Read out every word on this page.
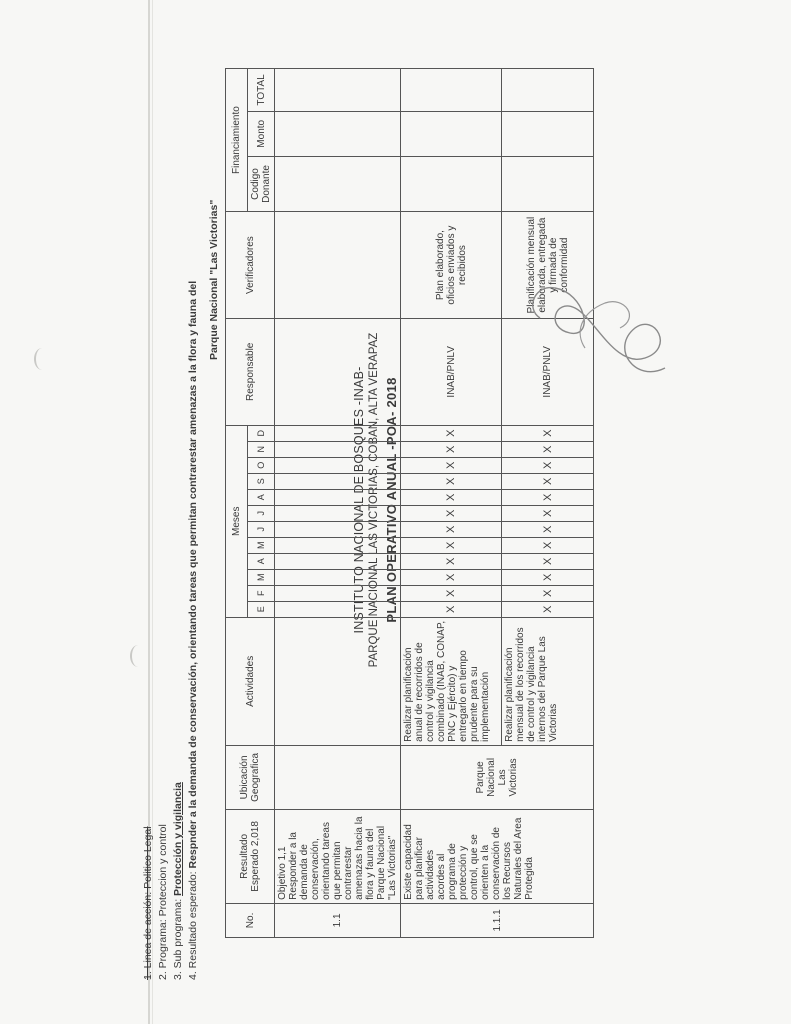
INSTITUTO NACIONAL DE BOSQUES -INAB- PARQUE NACIONAL LAS VICTORIAS, COBAN, ALTA VERAPAZ PLAN OPERATIVO ANUAL -POA- 2018
1. Linea de acción: Politico Legal 2. Programa: Proteccion y control 3. Sub programa: Protección y vigilancia
4. Resultado esperado: Respnder a la demanda de conservación, orientando tareas que permitan contrarestar amenazas a la flora y fauna del
Parque Nacional "Las Victorias"
No.	Resultado Esperado 2,018	Ubicación Geografica	Actividades	Meses												Responsable	Verificadores	Financiamiento		
				E	F	M	A	M	J	J	A	S	O	N	D			Codigo Donante	Monto	TOTAL
1.1	Objetivo 1,1 Responder a la demanda de conservación, orientando tareas que permitan contrarestar amenazas hacia la flora y fauna del Parque Nacional "Las Victorias"																			
1.1.1	Existe capacidad para planificar actividades acordes al programa de protección y control, que se orienten a la conservación de los Recursos Naturales del Area Protegida	Parque Nacional Las Victorias	Realizar planificación anual de recorridos de control y vigilancia combinado (INAB, CONAP, PNC y Ejército) y entregarlo en tiempo prudente para su implementación	X	X	X	X	X	X	X	X	X	X	X	X	INAB/PNLV	Plan elaborado, oficios enviados y recibidos			
			Realizar planificación mensual de los recorridos de control y vigilancia internos del Parque Las Victorias	X	X	X	X	X	X	X	X	X	X	X	X	INAB/PNLV	Planificación mensual elaborada, entregada y firmada de conformidad			
